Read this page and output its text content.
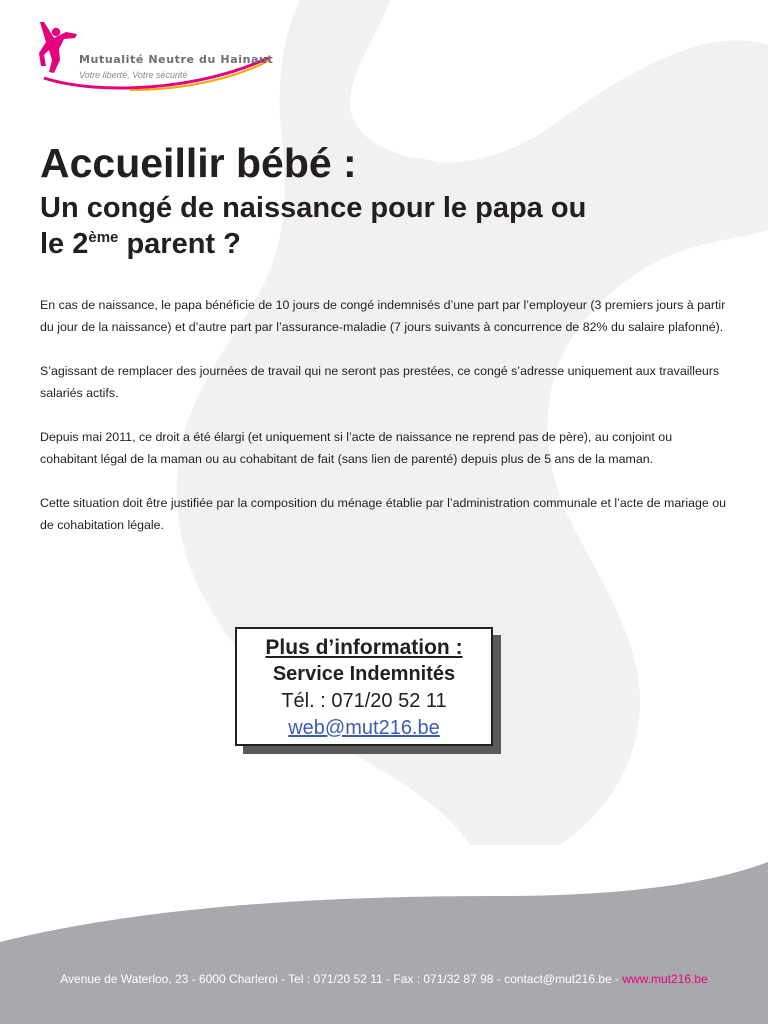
Mutualité Neutre du Hainaut
Votre liberté, Votre sécurité
Accueillir bébé :
Un congé de naissance pour le papa ou
le 2ème parent ?

En cas de naissance, le papa bénéficie de 10 jours de congé indemnisés d’une part par l’employeur (3 premiers jours à partir du jour de la naissance) et d’autre part par l’assurance-maladie (7 jours suivants à concurrence de 82% du salaire plafonné).

S’agissant de remplacer des journées de travail qui ne seront pas prestées, ce congé s’adresse uniquement aux travailleurs salariés actifs.

Depuis mai 2011, ce droit a été élargi (et uniquement si l’acte de naissance ne reprend pas de père), au conjoint ou cohabitant légal de la maman ou au cohabitant de fait (sans lien de parenté) depuis plus de 5 ans de la maman.

Cette situation doit être justifiée par la composition du ménage établie par l’administration communale et l’acte de mariage ou de cohabitation légale.

Plus d’information :
Service Indemnités
Tél. : 071/20 52 11
web@mut216.be
Avenue de Waterloo, 23 - 6000 Charleroi - Tel : 071/20 52 11 - Fax : 071/32 87 98 - contact@mut216.be - www.mut216.be
